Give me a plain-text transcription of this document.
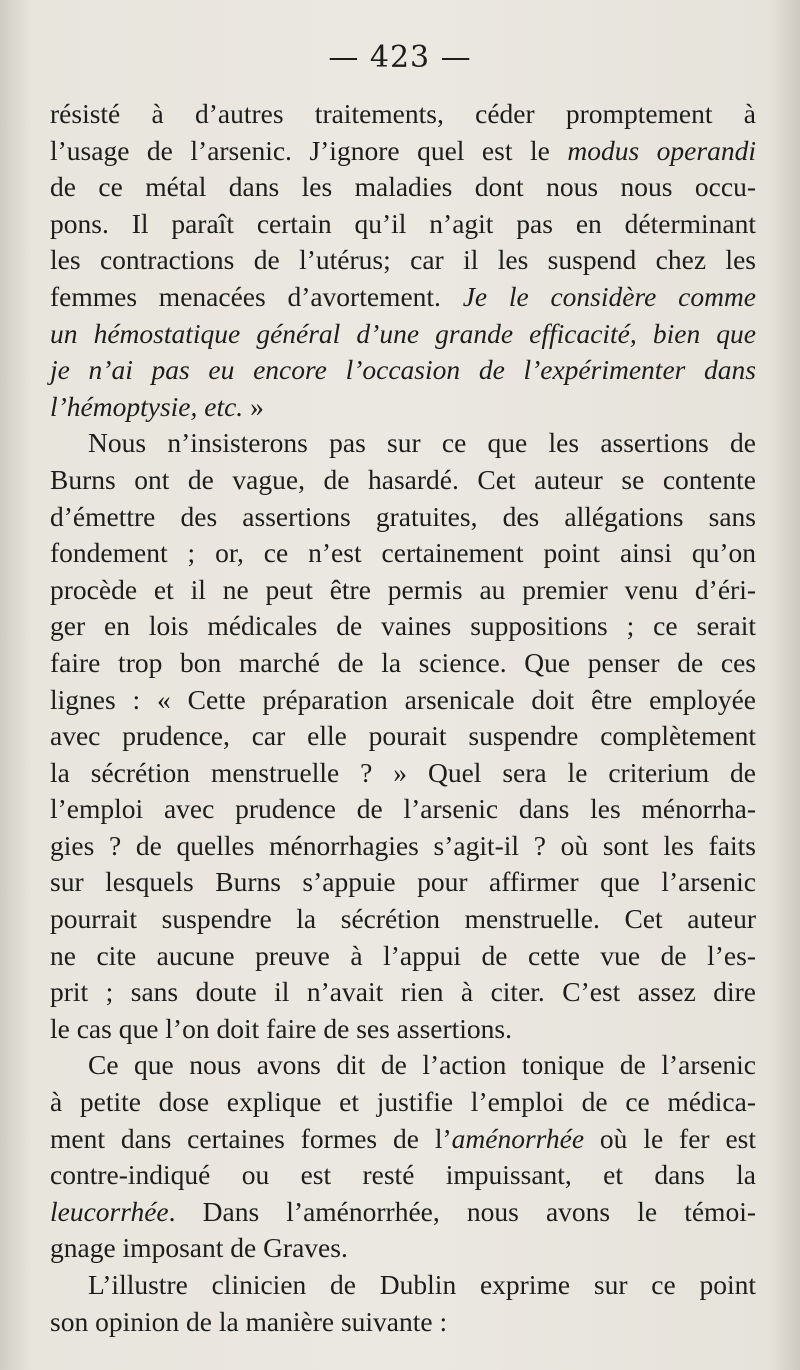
— 423 —
résisté à d’autres traitements, céder promptement à
l’usage de l’arsenic. J’ignore quel est le modus operandi
de ce métal dans les maladies dont nous nous occu-
pons. Il paraît certain qu’il n’agit pas en déterminant
les contractions de l’utérus; car il les suspend chez les
femmes menacées d’avortement. Je le considère comme
un hémostatique général d’une grande efficacité, bien que
je n’ai pas eu encore l’occasion de l’expérimenter dans
l’hémoptysie, etc. »
Nous n’insisterons pas sur ce que les assertions de
Burns ont de vague, de hasardé. Cet auteur se contente
d’émettre des assertions gratuites, des allégations sans
fondement ; or, ce n’est certainement point ainsi qu’on
procède et il ne peut être permis au premier venu d’éri-
ger en lois médicales de vaines suppositions ; ce serait
faire trop bon marché de la science. Que penser de ces
lignes : « Cette préparation arsenicale doit être employée
avec prudence, car elle pourait suspendre complètement
la sécrétion menstruelle ? » Quel sera le criterium de
l’emploi avec prudence de l’arsenic dans les ménorrha-
gies ? de quelles ménorrhagies s’agit-il ? où sont les faits
sur lesquels Burns s’appuie pour affirmer que l’arsenic
pourrait suspendre la sécrétion menstruelle. Cet auteur
ne cite aucune preuve à l’appui de cette vue de l’es-
prit ; sans doute il n’avait rien à citer. C’est assez dire
le cas que l’on doit faire de ses assertions.
Ce que nous avons dit de l’action tonique de l’arsenic
à petite dose explique et justifie l’emploi de ce médica-
ment dans certaines formes de l’aménorrhée où le fer est
contre-indiqué ou est resté impuissant, et dans la
leucorrhée. Dans l’aménorrhée, nous avons le témoi-
gnage imposant de Graves.
L’illustre clinicien de Dublin exprime sur ce point
son opinion de la manière suivante :
